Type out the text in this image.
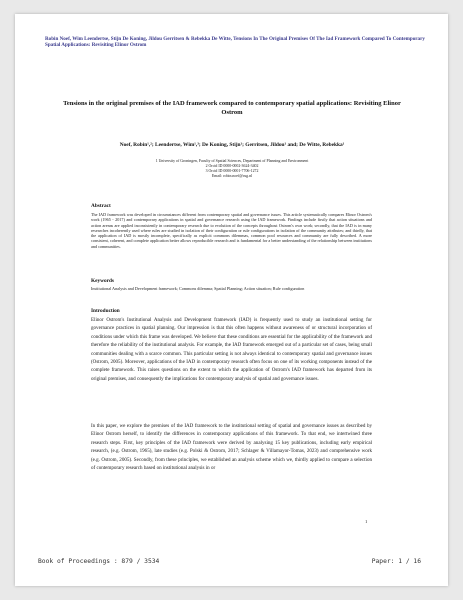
Robin Noef, Wim Leendertse, Stijn De Koning, Jildou Gerritsen & Rebekka De Witte, Tensions In The Original Premises Of The Iad Framework Compared To Contemporary Spatial Applications: Revisiting Elinor Ostrom
Tensions in the original premises of the IAD framework compared to contemporary spatial applications: Revisiting Elinor Ostrom
Noef, Robin¹,²; Leendertse, Wim¹,³; De Koning, Stijn¹; Gerritsen, Jildou¹ and; De Witte, Rebekka¹
1 University of Groningen, Faculty of Spatial Sciences, Department of Planning and Environment
2 Orcid ID 0000-0002-3624-3402
3 Orcid ID 0000-0001-7706-1272
Email: robin.noef@rug.nl
Abstract
The IAD framework was developed in circumstances different from contemporary spatial and governance issues. This article systematically compares Elinor Ostrom's work (1965 - 2017) and contemporary applications in spatial and governance research using the IAD framework. Findings include firstly that action situations and action arenas are applied inconsistently in contemporary research due to evolution of the concepts throughout Ostrom's own work; secondly, that the IAD is in many researches incoherently used where rules are studied in isolation of their configuration or rule configurations in isolation of the community attributes; and thirdly, that the application of IAD is mostly incomplete, specifically as explicit commons dilemmas, common pool resources and community are fully described. A more consistent, coherent, and complete application better allows reproducible research and is fundamental for a better understanding of the relationship between institutions and communities.
Keywords
Institutional Analysis and Development framework; Commons dilemma; Spatial Planning; Action situation; Rule configuration
Introduction
Elinor Ostrom's Institutional Analysis and Development framework (IAD) is frequently used to study an institutional setting for governance practices in spatial planning. Our impression is that this often happens without awareness of or structural incorporation of conditions under which this frame was developed. We believe that these conditions are essential for the applicability of the framework and therefore the reliability of the institutional analysis. For example, the IAD framework emerged out of a particular set of cases, being small communities dealing with a scarce common. This particular setting is not always identical to contemporary spatial and governance issues (Ostrom, 2005). Moreover, applications of the IAD in contemporary research often focus on one of its working components instead of the complete framework. This raises questions on the extent to which the application of Ostrom's IAD framework has departed from its original premises, and consequently the implications for contemporary analysis of spatial and governance issues.
In this paper, we explore the premises of the IAD framework to the institutional setting of spatial and governance issues as described by Elinor Ostrom herself, to identify the differences in contemporary applications of this framework. To that end, we intertwined three research steps. First, key principles of the IAD framework were derived by analysing 15 key publications, including early empirical research, (e.g. Ostrom, 1965), late studies (e.g. Polski & Ostrom, 2017; Schlager & Villamayor-Tomas, 2023) and comprehensive work (e.g. Ostrom, 2005). Secondly, from these principles, we established an analysis scheme which we, thirdly applied to compare a selection of contemporary research based on institutional analysis in or
1
Book of Proceedings : 879 / 3534	Paper: 1 / 16
